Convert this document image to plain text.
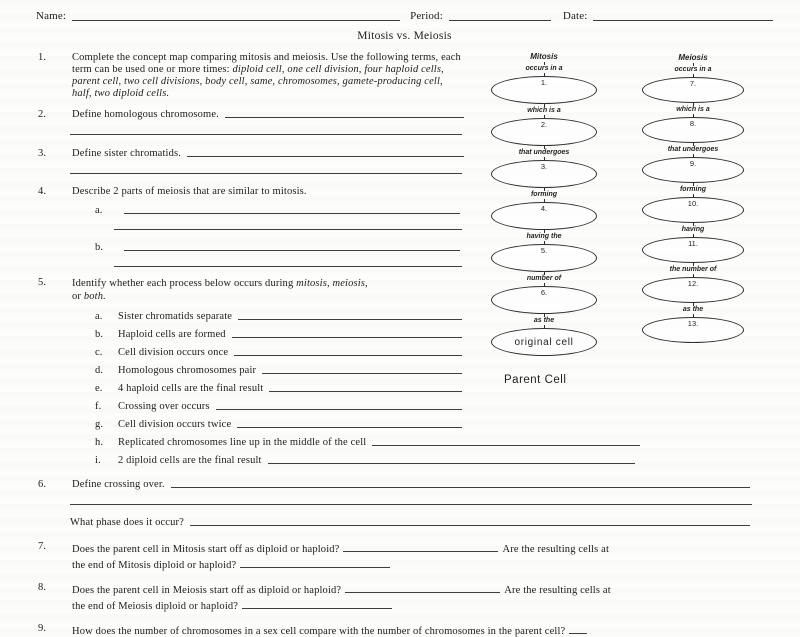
Name:	Period:	Date:
Mitosis vs. Meiosis
1.	Complete the concept map comparing mitosis and meiosis. Use the following terms, each term can be used one or more times: diploid cell, one cell division, four haploid cells, parent cell, two cell divisions, body cell, same, chromosomes, gamete-producing cell, half, two diploid cells.
2.	Define homologous chromosome.
3.	Define sister chromatids.
4.	Describe 2 parts of meiosis that are similar to mitosis.
a.
b.
5.	Identify whether each process below occurs during mitosis, meiosis,
or both.
a.	Sister chromatids separate
b.	Haploid cells are formed
c.	Cell division occurs once
d.	Homologous chromosomes pair
e.	4 haploid cells are the final result
f.	Crossing over occurs
g.	Cell division occurs twice
h.	Replicated chromosomes line up in the middle of the cell
i.	2 diploid cells are the final result
6.	Define crossing over.
What phase does it occur?
7.	Does the parent cell in Mitosis start off as diploid or haploid?	Are the resulting cells at
the end of Mitosis diploid or haploid?
8.	Does the parent cell in Meiosis start off as diploid or haploid?	Are the resulting cells at
the end of Meiosis diploid or haploid?
9.	How does the number of chromosomes in a sex cell compare with the number of chromosomes in the parent cell?
Mitosis
occurs in a
1.
which is a
2.
that undergoes
3.
forming
4.
having the
5.
number of
6.
as the
original cell
Parent Cell
Meiosis
occurs in a
7.
which is a
8.
that undergoes
9.
forming
10.
having
11.
the number of
12.
as the
13.
